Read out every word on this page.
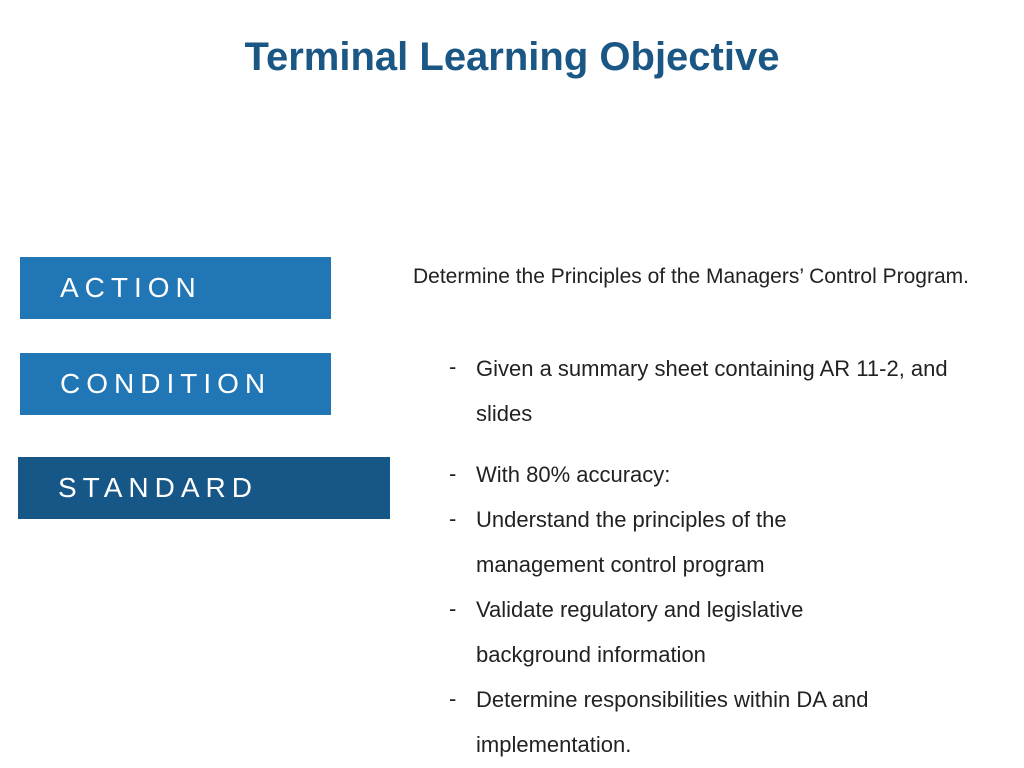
Terminal Learning Objective
ACTION
CONDITION
STANDARD
Determine the Principles of the Managers’ Control Program.
- Given a summary sheet containing AR 11-2, and slides
- With 80% accuracy:
- Understand the principles of the management control program
- Validate regulatory and legislative background information
- Determine responsibilities within DA and implementation.
